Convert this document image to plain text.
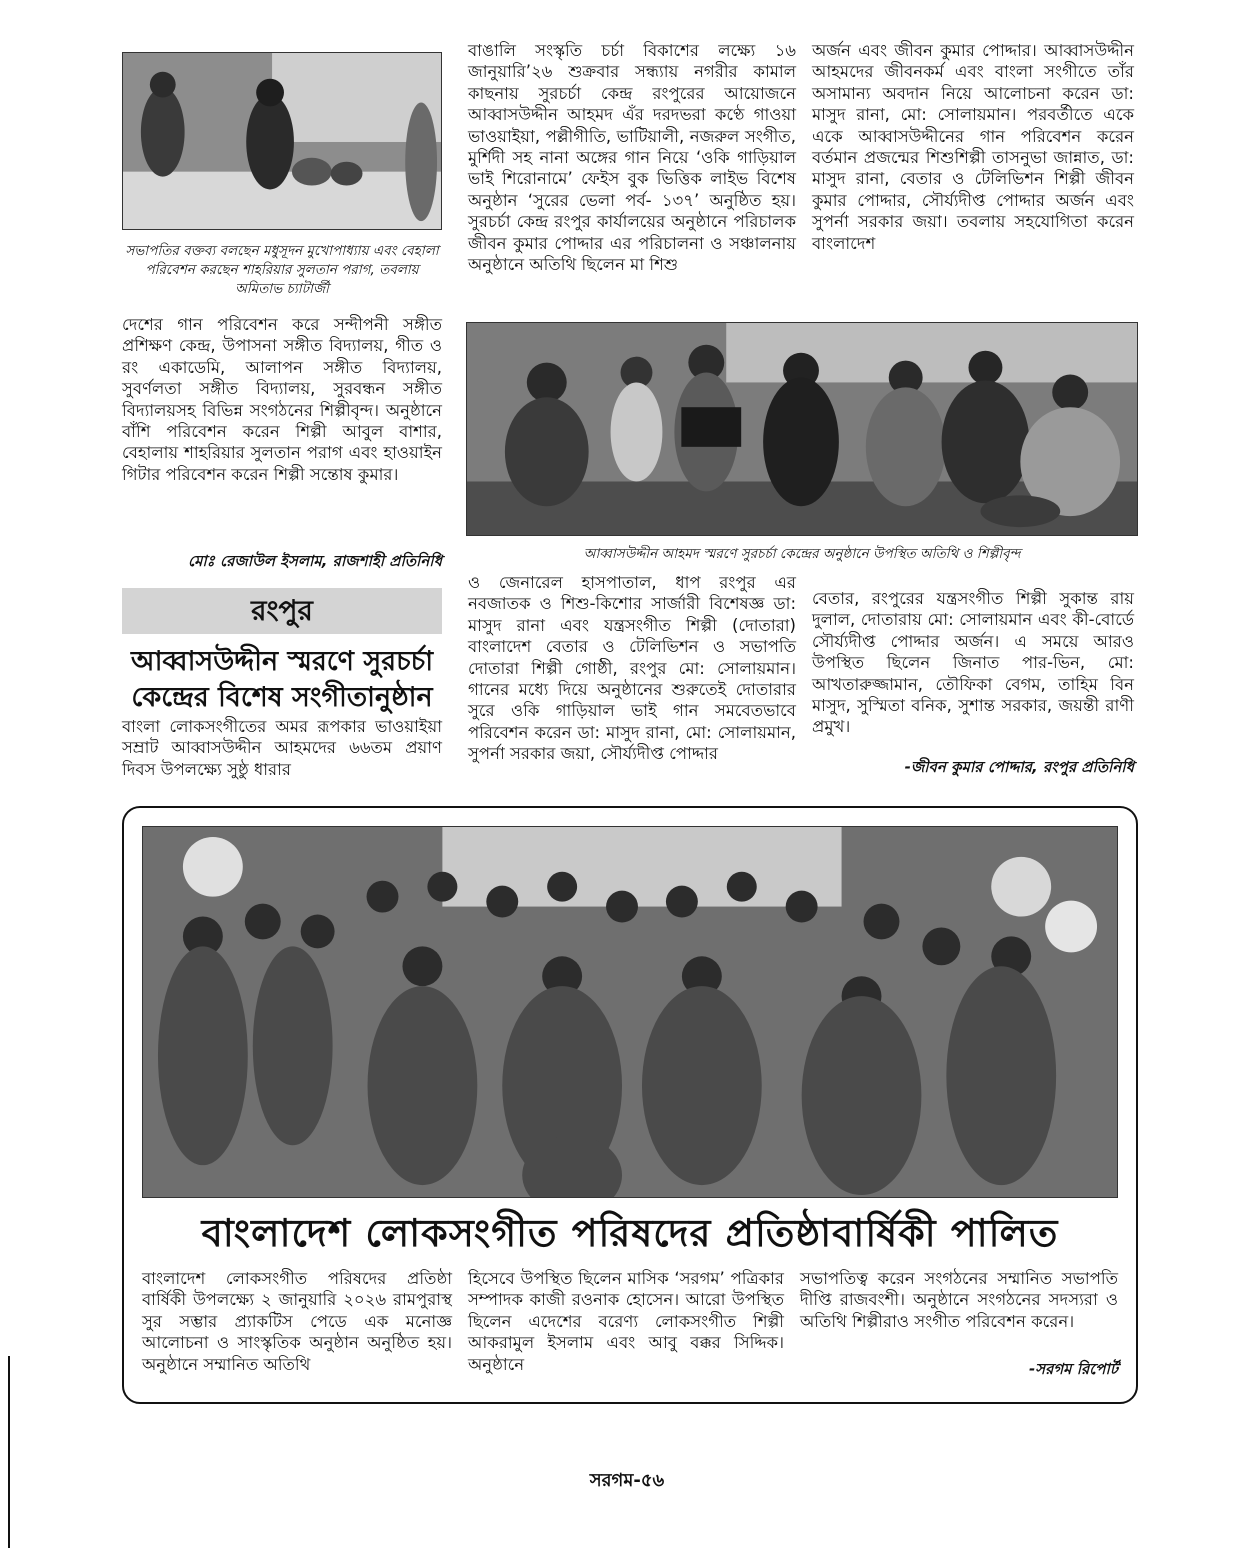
সভাপতির বক্তব্য বলছেন মধুসূদন মুখোপাধ্যায় এবং বেহালা পরিবেশন করছেন শাহরিয়ার সুলতান পরাগ, তবলায় অমিতাভ চ্যাটার্জী
দেশের গান পরিবেশন করে সন্দীপনী সঙ্গীত প্রশিক্ষণ কেন্দ্র, উপাসনা সঙ্গীত বিদ্যালয়, গীত ও রং একাডেমি, আলাপন সঙ্গীত বিদ্যালয়, সুবর্ণলতা সঙ্গীত বিদ্যালয়, সুরবন্ধন সঙ্গীত বিদ্যালয়সহ বিভিন্ন সংগঠনের শিল্পীবৃন্দ। অনুষ্ঠানে বাঁশি পরিবেশন করেন শিল্পী আবুল বাশার, বেহালায় শাহরিয়ার সুলতান পরাগ এবং হাওয়াইন গিটার পরিবেশন করেন শিল্পী সন্তোষ কুমার।
মোঃ রেজাউল ইসলাম, রাজশাহী প্রতিনিধি
বাঙালি সংস্কৃতি চর্চা বিকাশের লক্ষ্যে ১৬ জানুয়ারি’২৬ শুক্রবার সন্ধ্যায় নগরীর কামাল কাছনায় সুরচর্চা কেন্দ্র রংপুরের আয়োজনে আব্বাসউদ্দীন আহমদ এঁর দরদভরা কণ্ঠে গাওয়া ভাওয়াইয়া, পল্লীগীতি, ভাটিয়ালী, নজরুল সংগীত, মুর্শিদী সহ নানা অঙ্গের গান নিয়ে ‘ওকি গাড়িয়াল ভাই শিরোনামে’ ফেইস বুক ভিত্তিক লাইভ বিশেষ অনুষ্ঠান ‘সুরের ভেলা পর্ব- ১৩৭’ অনুষ্ঠিত হয়। সুরচর্চা কেন্দ্র রংপুর কার্যালয়ের অনুষ্ঠানে পরিচালক জীবন কুমার পোদ্দার এর পরিচালনা ও সঞ্চালনায় অনুষ্ঠানে অতিথি ছিলেন মা শিশু
অর্জন এবং জীবন কুমার পোদ্দার। আব্বাসউদ্দীন আহমদের জীবনকর্ম এবং বাংলা সংগীতে তাঁর অসামান্য অবদান নিয়ে আলোচনা করেন ডা: মাসুদ রানা, মো: সোলায়মান। পরবর্তীতে একে একে আব্বাসউদ্দীনের গান পরিবেশন করেন বর্তমান প্রজন্মের শিশুশিল্পী তাসনুভা জান্নাত, ডা: মাসুদ রানা, বেতার ও টেলিভিশন শিল্পী জীবন কুমার পোদ্দার, সৌর্য্যদীপ্ত পোদ্দার অর্জন এবং সুপর্না সরকার জয়া। তবলায় সহযোগিতা করেন বাংলাদেশ
আব্বাসউদ্দীন আহমদ স্মরণে সুরচর্চা কেন্দ্রের অনুষ্ঠানে উপস্থিত অতিথি ও শিল্পীবৃন্দ
রংপুর
আব্বাসউদ্দীন স্মরণে সুরচর্চা কেন্দ্রের বিশেষ সংগীতানুষ্ঠান
বাংলা লোকসংগীতের অমর রূপকার ভাওয়াইয়া সম্রাট আব্বাসউদ্দীন আহমদের ৬৬তম প্রয়াণ দিবস উপলক্ষ্যে সুষ্ঠু ধারার
ও জেনারেল হাসপাতাল, ধাপ রংপুর এর নবজাতক ও শিশু-কিশোর সার্জারী বিশেষজ্ঞ ডা: মাসুদ রানা এবং যন্ত্রসংগীত শিল্পী (দোতারা) বাংলাদেশ বেতার ও টেলিভিশন ও সভাপতি দোতারা শিল্পী গোষ্ঠী, রংপুর মো: সোলায়মান। গানের মধ্যে দিয়ে অনুষ্ঠানের শুরুতেই দোতারার সুরে ওকি গাড়িয়াল ভাই গান সমবেতভাবে পরিবেশন করেন ডা: মাসুদ রানা, মো: সোলায়মান, সুপর্না সরকার জয়া, সৌর্য্যদীপ্ত পোদ্দার
বেতার, রংপুরের যন্ত্রসংগীত শিল্পী সুকান্ত রায় দুলাল, দোতারায় মো: সোলায়মান এবং কী-বোর্ডে সৌর্য্যদীপ্ত পোদ্দার অর্জন। এ সময়ে আরও উপস্থিত ছিলেন জিনাত পার-ভিন, মো: আখতারুজ্জামান, তৌফিকা বেগম, তাহিম বিন মাসুদ, সুস্মিতা বনিক, সুশান্ত সরকার, জয়ন্তী রাণী প্রমুখ।
-জীবন কুমার পোদ্দার, রংপুর প্রতিনিধি
বাংলাদেশ লোকসংগীত পরিষদের প্রতিষ্ঠাবার্ষিকী পালিত
বাংলাদেশ লোকসংগীত পরিষদের প্রতিষ্ঠা বার্ষিকী উপলক্ষ্যে ২ জানুয়ারি ২০২৬ রামপুরাস্থ সুর সম্ভার প্র্যাকটিস পেডে এক মনোজ্ঞ আলোচনা ও সাংস্কৃতিক অনুষ্ঠান অনুষ্ঠিত হয়। অনুষ্ঠানে সম্মানিত অতিথি
হিসেবে উপস্থিত ছিলেন মাসিক ‘সরগম’ পত্রিকার সম্পাদক কাজী রওনাক হোসেন। আরো উপস্থিত ছিলেন এদেশের বরেণ্য লোকসংগীত শিল্পী আকরামুল ইসলাম এবং আবু বক্কর সিদ্দিক। অনুষ্ঠানে
সভাপতিত্ব করেন সংগঠনের সম্মানিত সভাপতি দীপ্তি রাজবংশী। অনুষ্ঠানে সংগঠনের সদস্যরা ও অতিথি শিল্পীরাও সংগীত পরিবেশন করেন।
-সরগম রিপোর্ট
সরগম-৫৬
